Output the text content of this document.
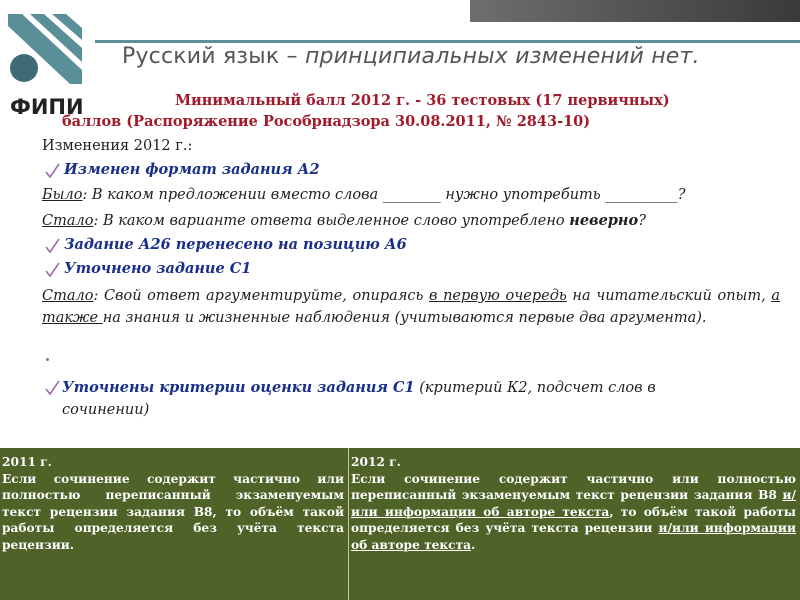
ФИПИ
Русский язык – принципиальных изменений нет.
Минимальный балл 2012 г. - 36 тестовых (17 первичных)
баллов (Распоряжение Рособрнадзора 30.08.2011, № 2843-10)
Изменения 2012 г.:
Изменен формат задания А2
Было: В каком предложении вместо слова ________ нужно употребить __________?
Стало: В каком варианте ответа выделенное слово употреблено неверно?
Задание А26 перенесено на позицию А6
Уточнено задание С1
Стало: Свой ответ аргументируйте, опираясь в первую очередь на читательский опыт, а также на знания и жизненные наблюдения (учитываются первые два аргумента).
Уточнены критерии оценки задания С1 (критерий К2, подсчет слов в сочинении)
2011 г.
Если сочинение содержит частично или полностью переписанный экзаменуемым текст рецензии задания В8, то объём такой работы определяется без учёта текста рецензии.
2012 г.
Если сочинение содержит частично или полностью переписанный экзаменуемым текст рецензии задания В8 и/или информации об авторе текста, то объём такой работы определяется без учёта текста рецензии и/или информации об авторе текста.
